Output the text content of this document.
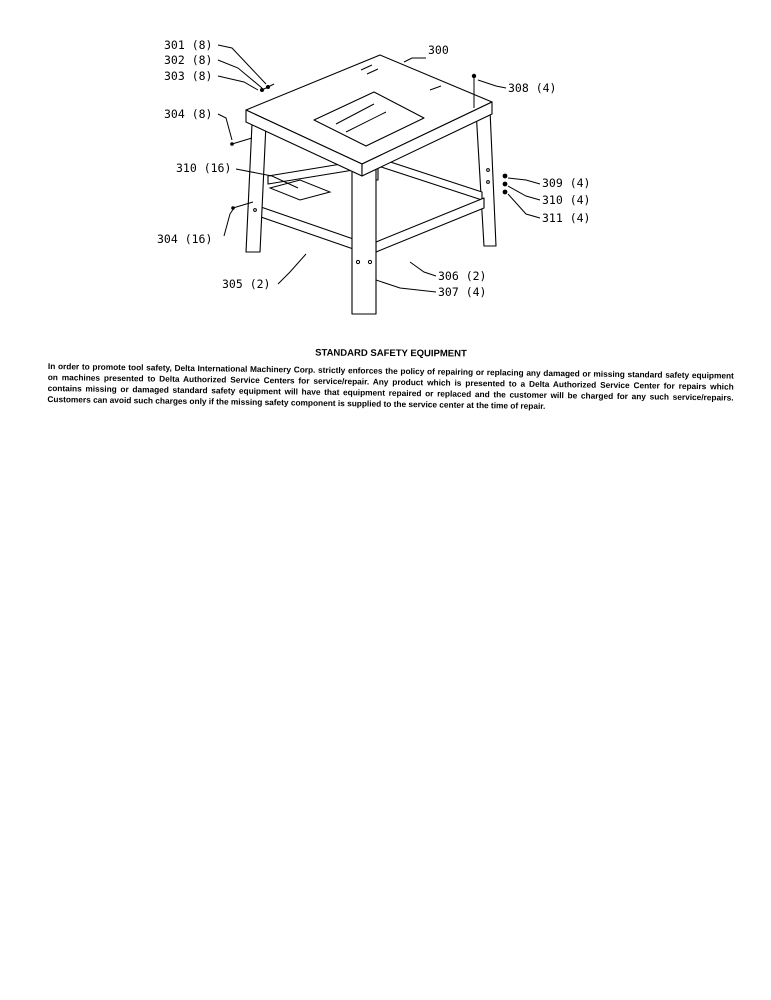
301 (8)
302 (8)
303 (8)
304 (8)
310 (16)
304 (16)
305 (2)
306 (2)
307 (4)
300
308 (4)
309 (4)
310 (4)
311 (4)

STANDARD SAFETY EQUIPMENT

In order to promote tool safety, Delta International Machinery Corp. strictly enforces the policy of repairing or replacing any damaged or missing standard safety equipment on machines presented to Delta Authorized Service Centers for service/repair. Any product which is presented to a Delta Authorized Service Center for repairs which contains missing or damaged standard safety equipment will have that equipment repaired or replaced and the customer will be charged for any such service/repairs. Customers can avoid such charges only if the missing safety component is supplied to the service center at the time of repair.
